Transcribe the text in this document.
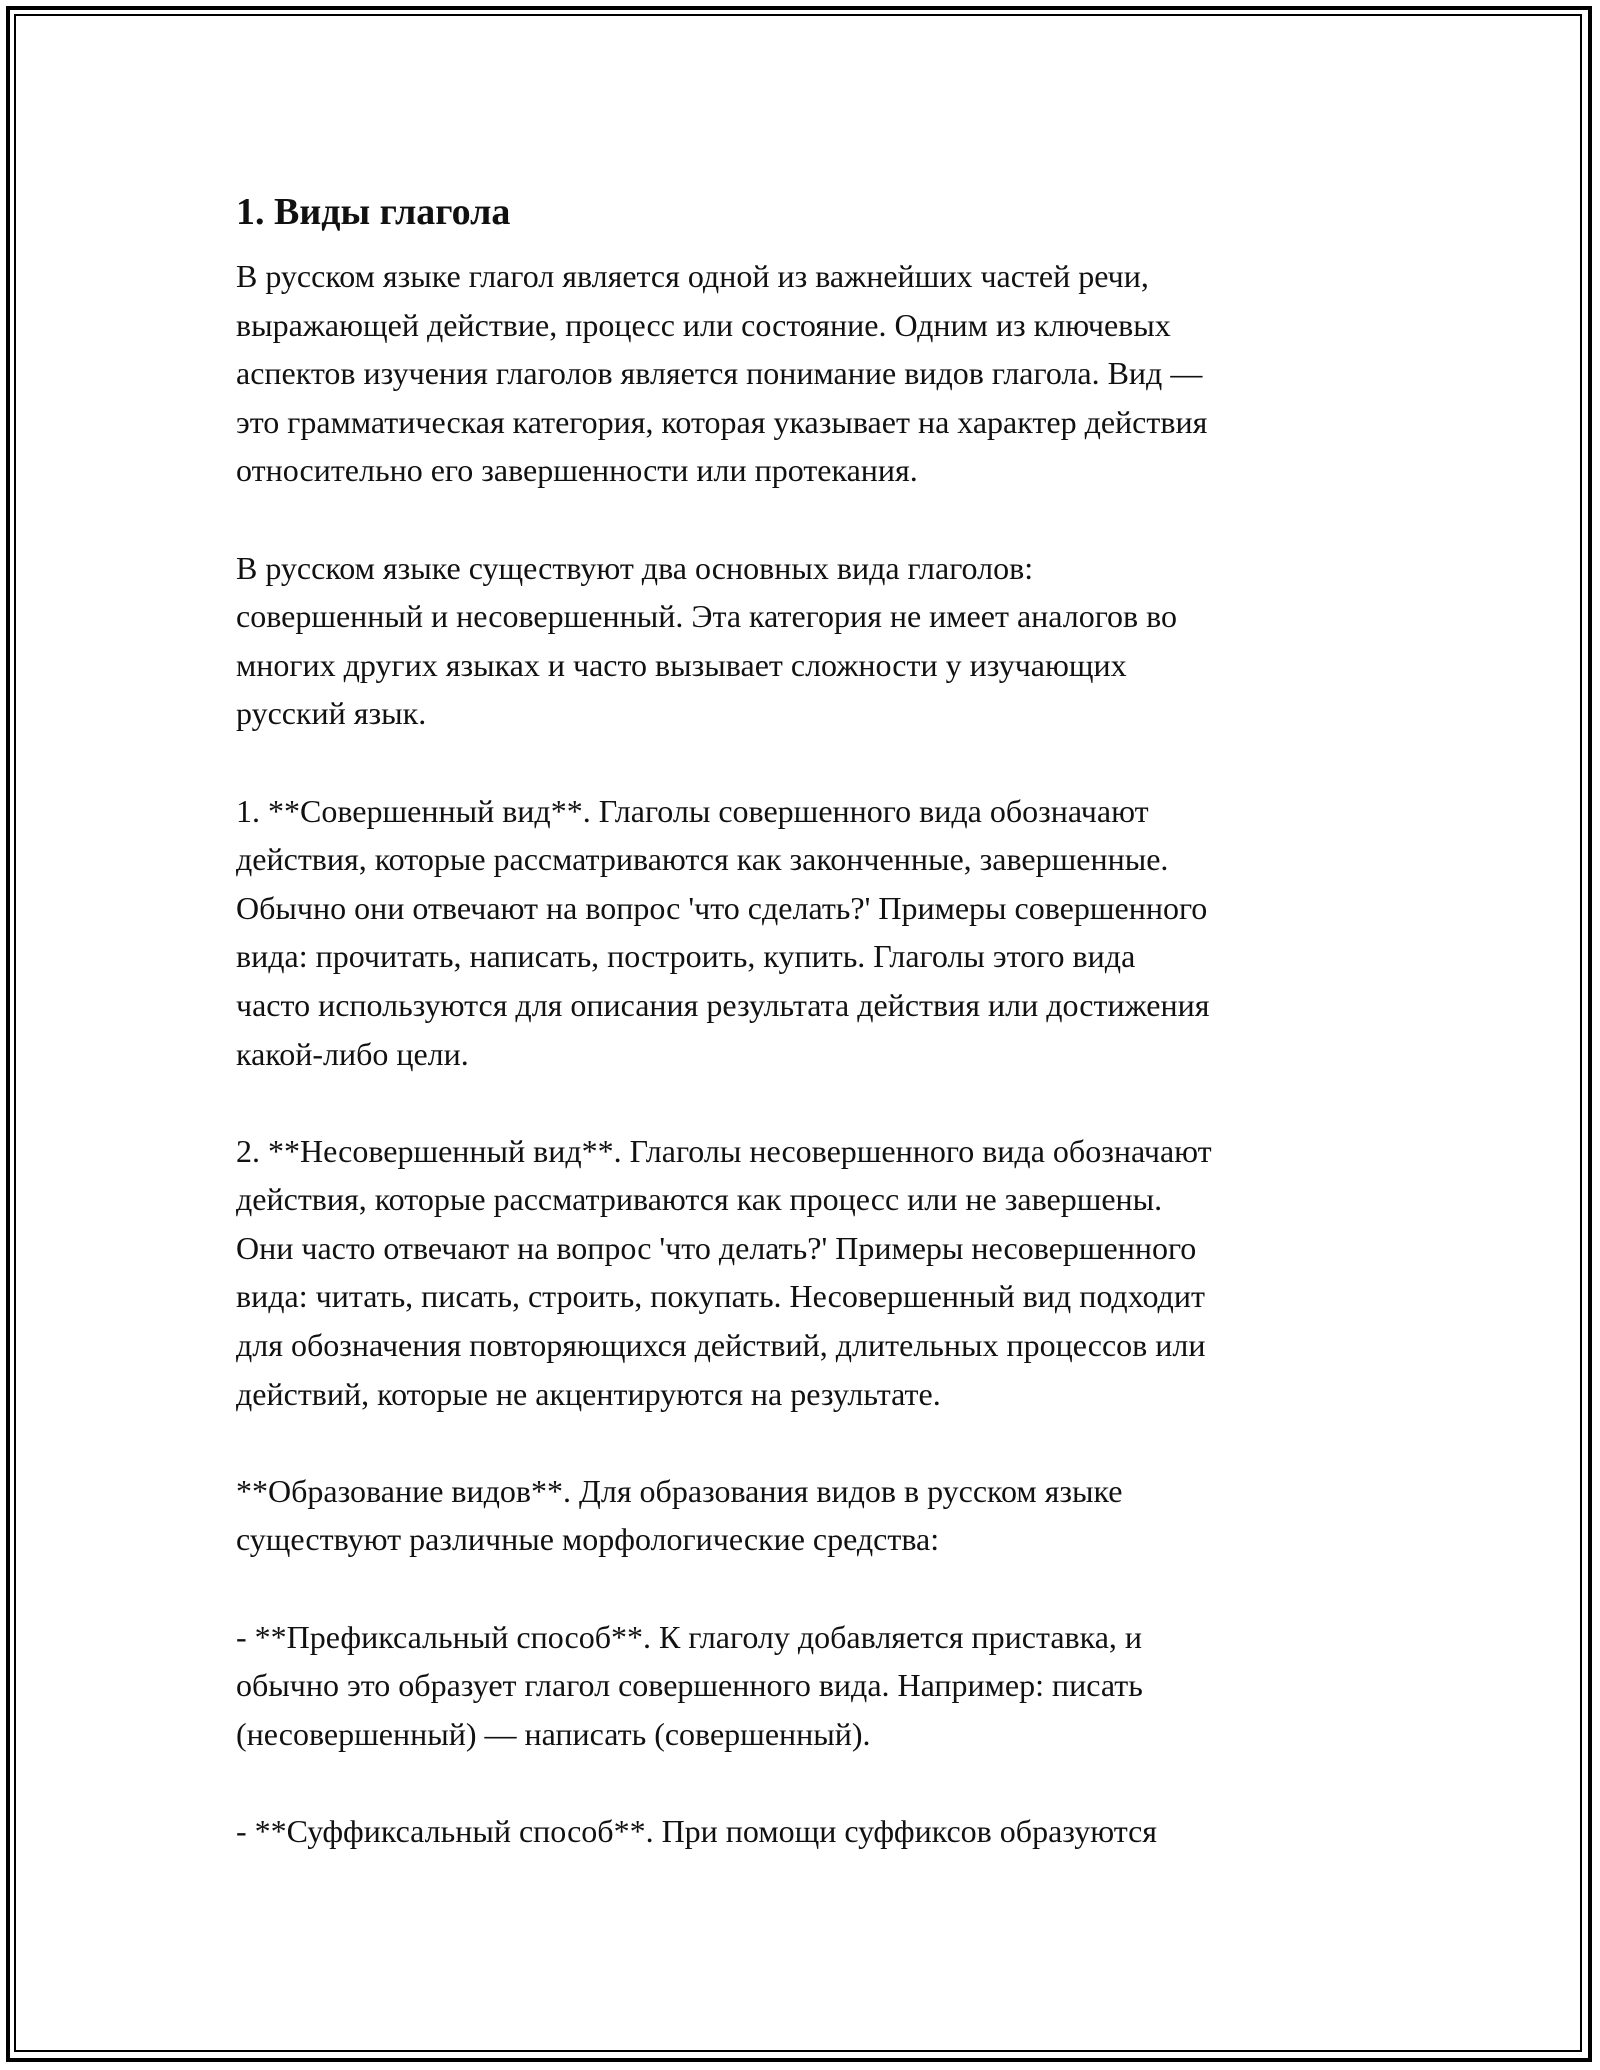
1. Виды глагола

В русском языке глагол является одной из важнейших частей речи,
выражающей действие, процесс или состояние. Одним из ключевых
аспектов изучения глаголов является понимание видов глагола. Вид —
это грамматическая категория, которая указывает на характер действия
относительно его завершенности или протекания.

В русском языке существуют два основных вида глаголов:
совершенный и несовершенный. Эта категория не имеет аналогов во
многих других языках и часто вызывает сложности у изучающих
русский язык.

1. **Совершенный вид**. Глаголы совершенного вида обозначают
действия, которые рассматриваются как законченные, завершенные.
Обычно они отвечают на вопрос 'что сделать?' Примеры совершенного
вида: прочитать, написать, построить, купить. Глаголы этого вида
часто используются для описания результата действия или достижения
какой-либо цели.

2. **Несовершенный вид**. Глаголы несовершенного вида обозначают
действия, которые рассматриваются как процесс или не завершены.
Они часто отвечают на вопрос 'что делать?' Примеры несовершенного
вида: читать, писать, строить, покупать. Несовершенный вид подходит
для обозначения повторяющихся действий, длительных процессов или
действий, которые не акцентируются на результате.

**Образование видов**. Для образования видов в русском языке
существуют различные морфологические средства:

- **Префиксальный способ**. К глаголу добавляется приставка, и
обычно это образует глагол совершенного вида. Например: писать
(несовершенный) — написать (совершенный).

- **Суффиксальный способ**. При помощи суффиксов образуются
